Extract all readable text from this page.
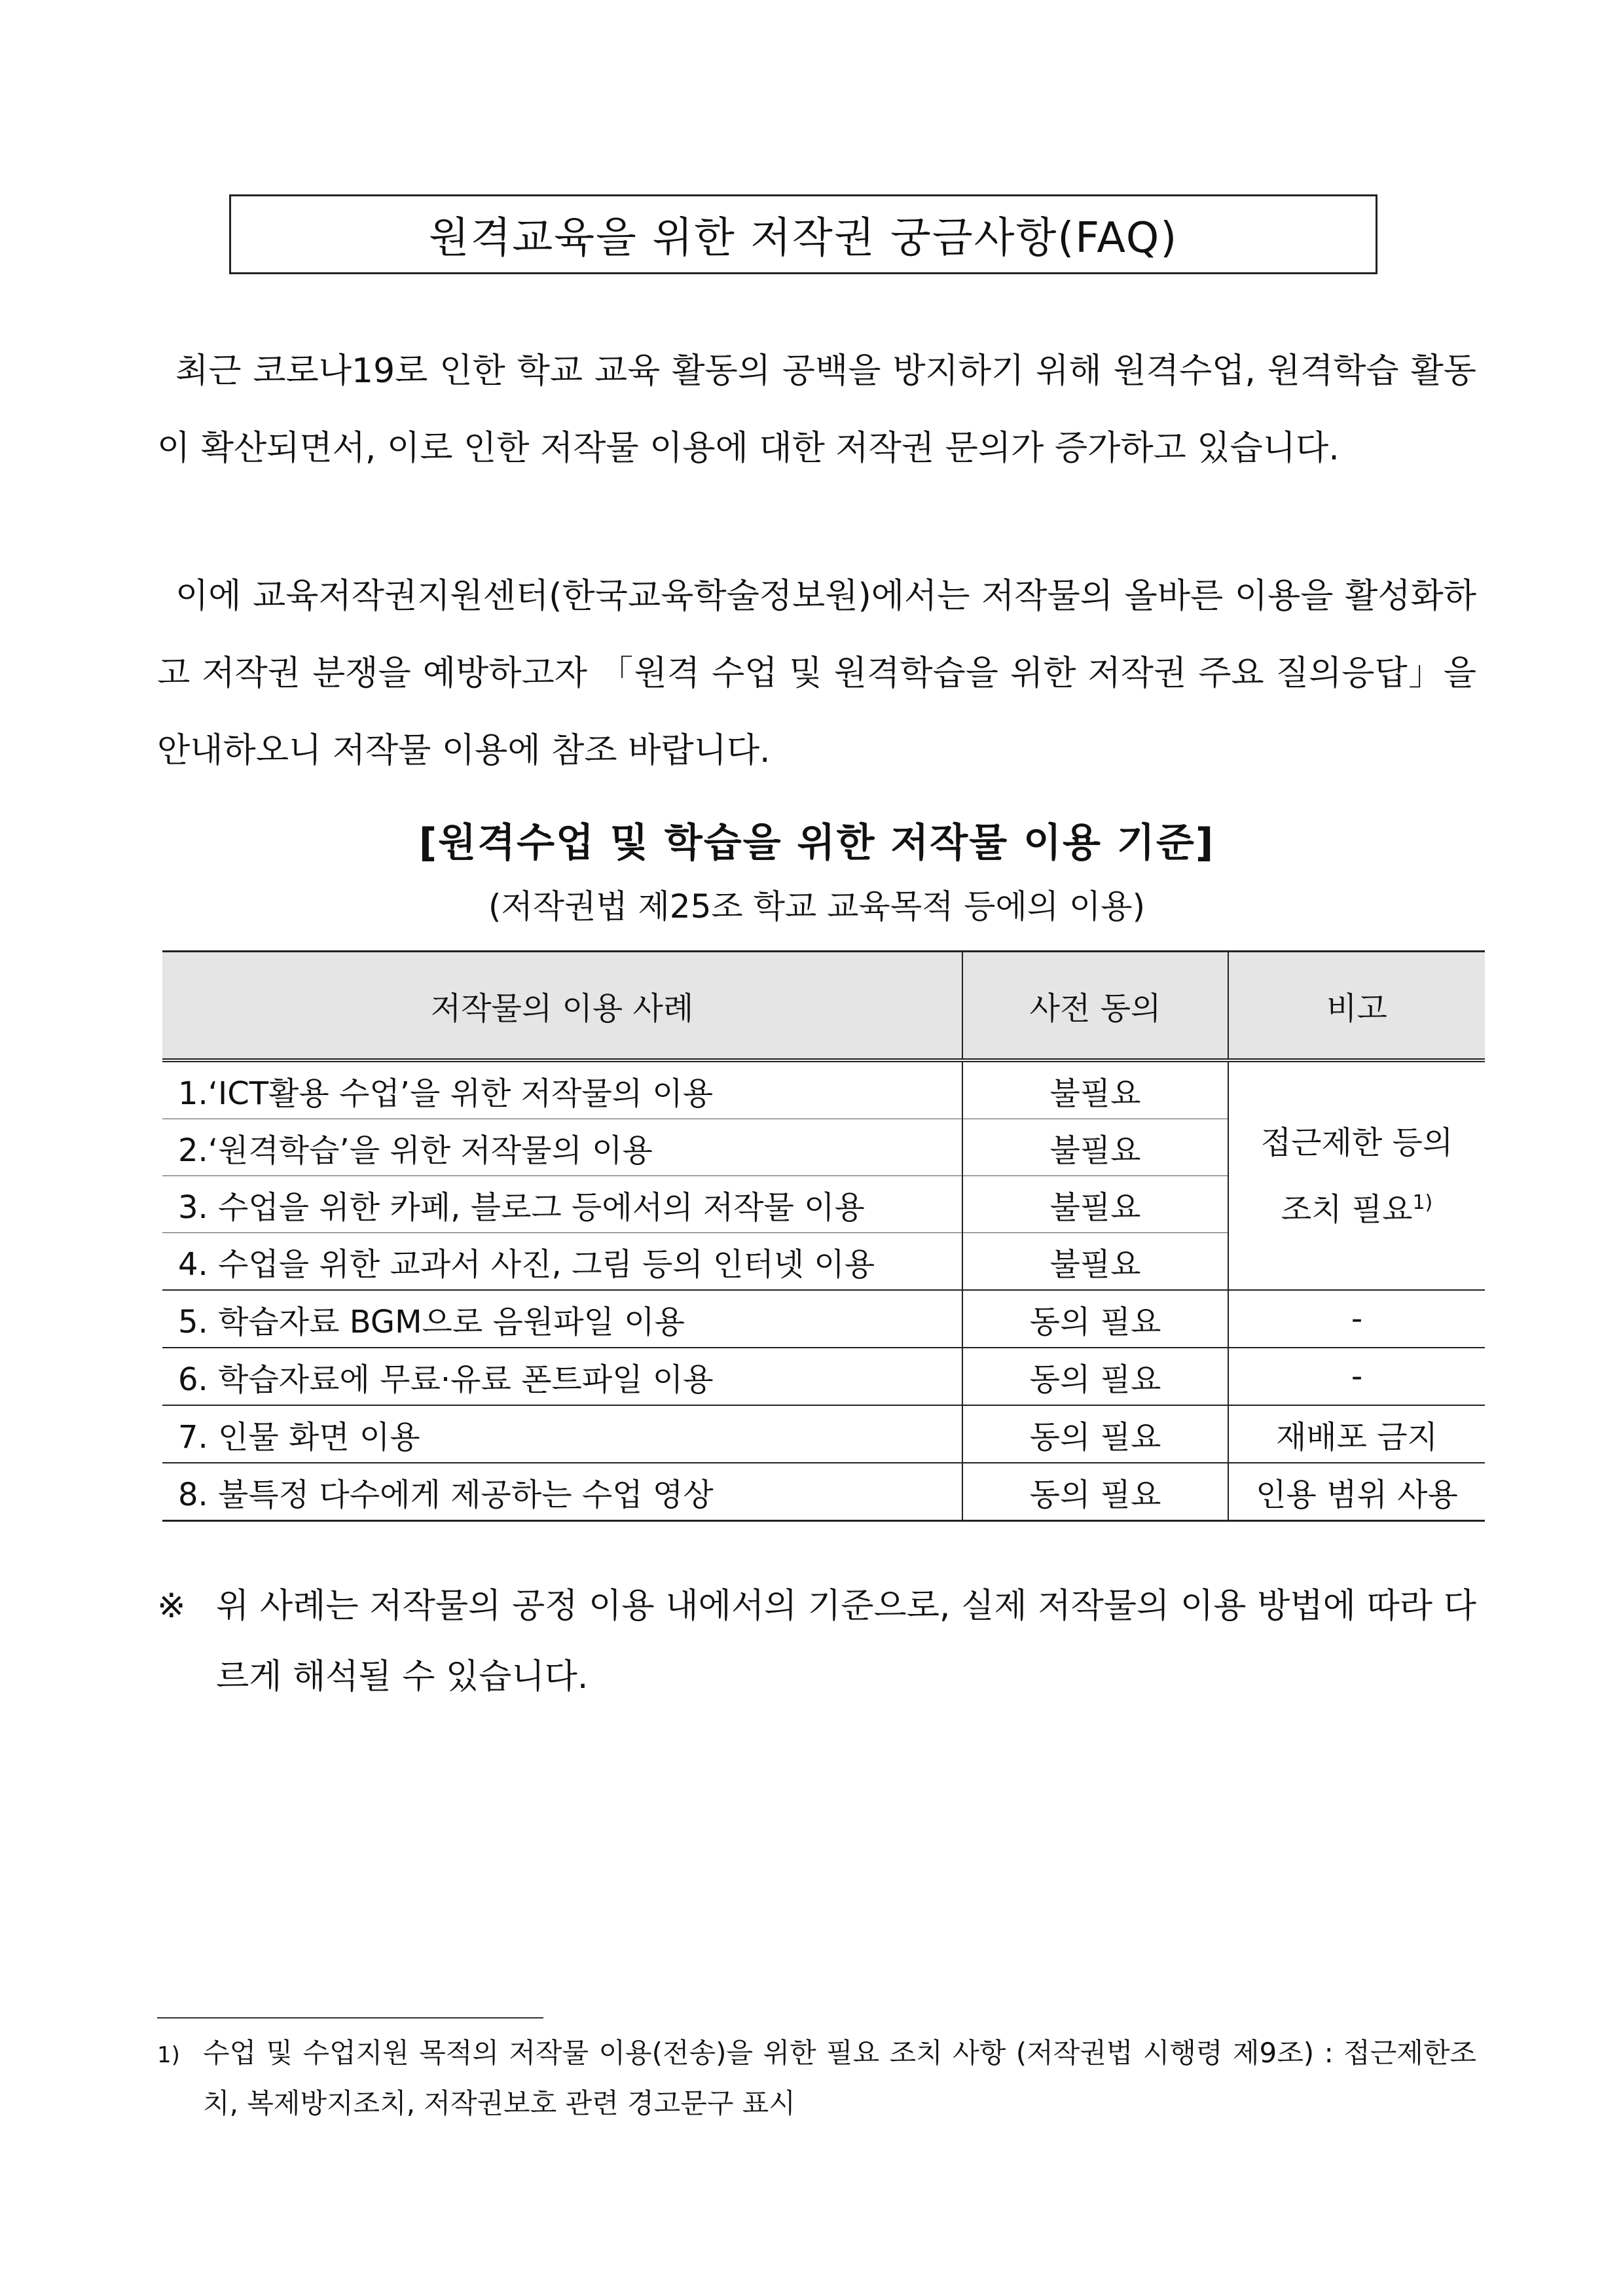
원격교육을 위한 저작권 궁금사항(FAQ)

최근 코로나19로 인한 학교 교육 활동의 공백을 방지하기 위해 원격수업, 원격학습 활동이 확산되면서, 이로 인한 저작물 이용에 대한 저작권 문의가 증가하고 있습니다.

이에 교육저작권지원센터(한국교육학술정보원)에서는 저작물의 올바른 이용을 활성화하고 저작권 분쟁을 예방하고자 「원격 수업 및 원격학습을 위한 저작권 주요 질의응답」을 안내하오니 저작물 이용에 참조 바랍니다.

[원격수업 및 학습을 위한 저작물 이용 기준]
(저작권법 제25조 학교 교육목적 등에의 이용)
저작물의 이용 사례	사전 동의	비고
1.‘ICT활용 수업’을 위한 저작물의 이용	불필요	접근제한 등의
조치 필요$^{1)}$
2.‘원격학습’을 위한 저작물의 이용	불필요	
3. 수업을 위한 카페, 블로그 등에서의 저작물 이용	불필요	
4. 수업을 위한 교과서 사진, 그림 등의 인터넷 이용	불필요	
5. 학습자료 BGM으로 음원파일 이용	동의 필요	-
6. 학습자료에 무료·유료 폰트파일 이용	동의 필요	-
7. 인물 화면 이용	동의 필요	재배포 금지
8. 불특정 다수에게 제공하는 수업 영상	동의 필요	인용 범위 사용
※ 위 사례는 저작물의 공정 이용 내에서의 기준으로, 실제 저작물의 이용 방법에 따라 다르게 해석될 수 있습니다.
1) 수업 및 수업지원 목적의 저작물 이용(전송)을 위한 필요 조치 사항 (저작권법 시행령 제9조) : 접근제한조치, 복제방지조치, 저작권보호 관련 경고문구 표시
